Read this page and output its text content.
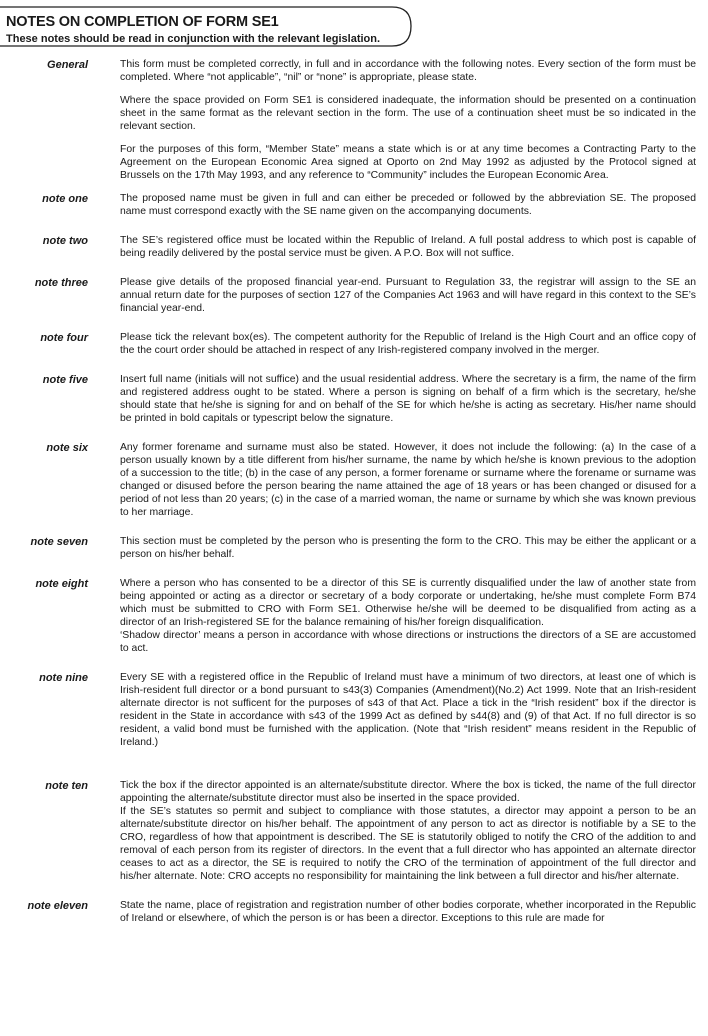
NOTES ON COMPLETION OF FORM SE1
These notes should be read in conjunction with the relevant legislation.
General	This form must be completed correctly, in full and in accordance with the following notes. Every section of the form must be completed. Where “not applicable”, “nil” or “none” is appropriate, please state.

Where the space provided on Form SE1 is considered inadequate, the information should be presented on a continuation sheet in the same format as the relevant section in the form. The use of a continuation sheet must be so indicated in the relevant section.

For the purposes of this form, “Member State” means a state which is or at any time becomes a Contracting Party to the Agreement on the European Economic Area signed at Oporto on 2nd May 1992 as adjusted by the Protocol signed at Brussels on the 17th May 1993, and any reference to “Community” includes the European Economic Area.

note one	The proposed name must be given in full and can either be preceded or followed by the abbreviation SE. The proposed name must correspond exactly with the SE name given on the accompanying documents.

note two	The SE’s registered office must be located within the Republic of Ireland. A full postal address to which post is capable of being readily delivered by the postal service must be given. A P.O. Box will not suffice.

note three	Please give details of the proposed financial year-end. Pursuant to Regulation 33, the registrar will assign to the SE an annual return date for the purposes of section 127 of the Companies Act 1963 and will have regard in this context to the SE’s financial year-end.

note four	Please tick the relevant box(es). The competent authority for the Republic of Ireland is the High Court and an office copy of the the court order should be attached in respect of any Irish-registered company involved in the merger.

note five	Insert full name (initials will not suffice) and the usual residential address. Where the secretary is a firm, the name of the firm and registered address ought to be stated. Where a person is signing on behalf of a firm which is the secretary, he/she should state that he/she is signing for and on behalf of the SE for which he/she is acting as secretary. His/her name should be printed in bold capitals or typescript below the signature.

note six	Any former forename and surname must also be stated. However, it does not include the following: (a) In the case of a person usually known by a title different from his/her surname, the name by which he/she is known previous to the adoption of a succession to the title; (b) in the case of any person, a former forename or surname where the forename or surname was changed or disused before the person bearing the name attained the age of 18 years or has been changed or disused for a period of not less than 20 years; (c) in the case of a married woman, the name or surname by which she was known previous to her marriage.

note seven	This section must be completed by the person who is presenting the form to the CRO. This may be either the applicant or a person on his/her behalf.

note eight	Where a person who has consented to be a director of this SE is currently disqualified under the law of another state from being appointed or acting as a director or secretary of a body corporate or undertaking, he/she must complete Form B74 which must be submitted to CRO with Form SE1. Otherwise he/she will be deemed to be disqualified from acting as a director of an Irish-registered SE for the balance remaining of his/her foreign disqualification.

‘Shadow director’ means a person in accordance with whose directions or instructions the directors of a SE are accustomed to act.

note nine	Every SE with a registered office in the Republic of Ireland must have a minimum of two directors, at least one of which is Irish-resident full director or a bond pursuant to s43(3) Companies (Amendment)(No.2) Act 1999. Note that an Irish-resident alternate director is not sufficent for the purposes of s43 of that Act. Place a tick in the “Irish resident” box if the director is resident in the State in accordance with s43 of the 1999 Act as defined by s44(8) and (9) of that Act. If no full director is so resident, a valid bond must be furnished with the application. (Note that “Irish resident” means resident in the Republic of Ireland.)

note ten	Tick the box if the director appointed is an alternate/substitute director. Where the box is ticked, the name of the full director appointing the alternate/substitute director must also be inserted in the space provided.

If the SE’s statutes so permit and subject to compliance with those statutes, a director may appoint a person to be an alternate/substitute director on his/her behalf. The appointment of any person to act as director is notifiable by a SE to the CRO, regardless of how that appointment is described. The SE is statutorily obliged to notify the CRO of the addition to and removal of each person from its register of directors. In the event that a full director who has appointed an alternate director ceases to act as a director, the SE is required to notify the CRO of the termination of appointment of the full director and his/her alternate. Note: CRO accepts no responsibility for maintaining the link between a full director and his/her alternate.

note eleven	State the name, place of registration and registration number of other bodies corporate, whether incorporated in the Republic of Ireland or elsewhere, of which the person is or has been a director. Exceptions to this rule are made for
